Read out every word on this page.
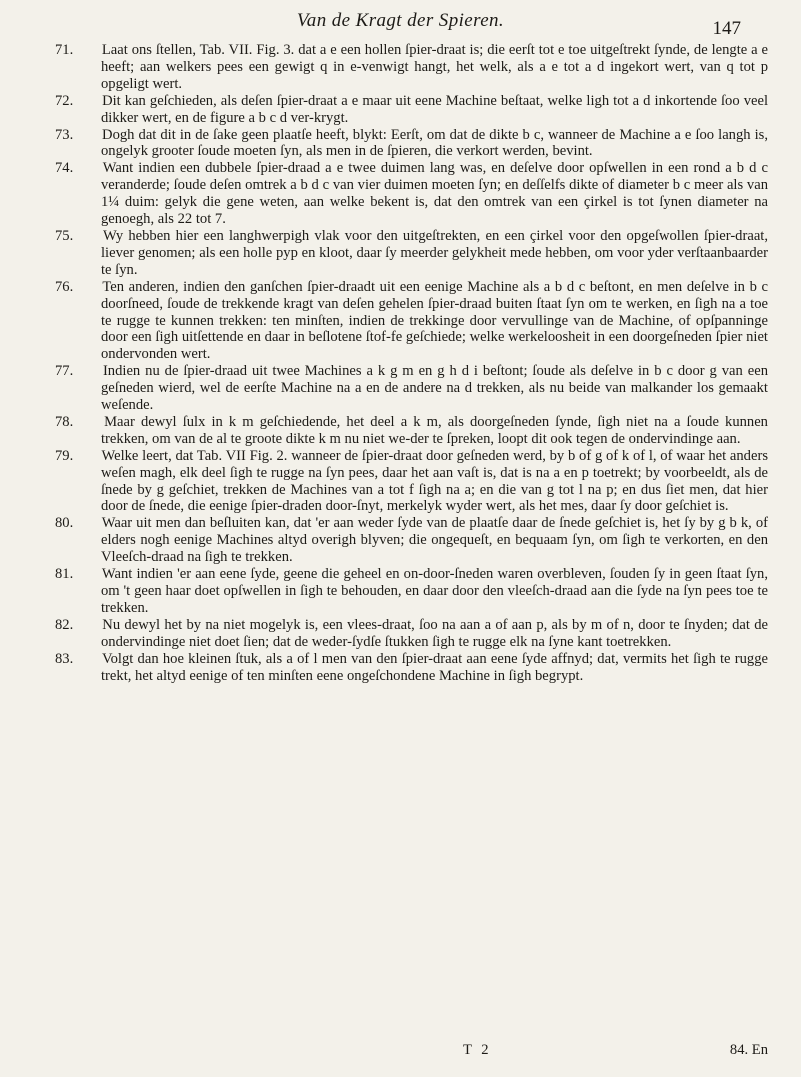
Van de Kragt der Spieren.	147

71. Laat ons ſtellen, Tab. VII. Fig. 3. dat a e een hollen ſpier-draat is; die eerſt tot e toe uitgeſtrekt ſynde, de lengte a e heeft; aan welkers pees een gewigt q in e-venwigt hangt, het welk, als a e tot a d ingekort wert, van q tot p opgeligt wert.

72. Dit kan geſchieden, als deſen ſpier-draat a e maar uit eene Machine beſtaat, welke ligh tot a d inkortende ſoo veel dikker wert, en de figure a b c d ver-krygt.

73. Dogh dat dit in de ſake geen plaatſe heeft, blykt: Eerſt, om dat de dikte b c, wanneer de Machine a e ſoo langh is, ongelyk grooter ſoude moeten ſyn, als men in de ſpieren, die verkort werden, bevint.

74. Want indien een dubbele ſpier-draad a e twee duimen lang was, en deſelve door opſwellen in een rond a b d c veranderde; ſoude deſen omtrek a b d c van vier duimen moeten ſyn; en deſſelfs dikte of diameter b c meer als van 1¼ duim: gelyk die gene weten, aan welke bekent is, dat den omtrek van een çirkel is tot ſynen diameter na genoegh, als 22 tot 7.

75. Wy hebben hier een langhwerpigh vlak voor den uitgeſtrekten, en een çirkel voor den opgeſwollen ſpier-draat, liever genomen; als een holle pyp en kloot, daar ſy meerder gelykheit mede hebben, om voor yder verſtaanbaarder te ſyn.

76. Ten anderen, indien den ganſchen ſpier-draadt uit een eenige Machine als a b d c beſtont, en men deſelve in b c doorſneed, ſoude de trekkende kragt van deſen gehelen ſpier-draad buiten ſtaat ſyn om te werken, en ſigh na a toe te rugge te kunnen trekken: ten minſten, indien de trekkinge door vervullinge van de Machine, of opſpanninge door een ſigh uitſettende en daar in beſlotene ſtof-fe geſchiede; welke werkeloosheit in een doorgeſneden ſpier niet ondervonden wert.

77. Indien nu de ſpier-draad uit twee Machines a k g m en g h d i beſtont; ſoude als deſelve in b c door g van een geſneden wierd, wel de eerſte Machine na a en de andere na d trekken, als nu beide van malkander los gemaakt weſende.

78. Maar dewyl ſulx in k m geſchiedende, het deel a k m, als doorgeſneden ſynde, ſigh niet na a ſoude kunnen trekken, om van de al te groote dikte k m nu niet we-der te ſpreken, loopt dit ook tegen de ondervindinge aan.

79. Welke leert, dat Tab. VII Fig. 2. wanneer de ſpier-draat door geſneden werd, by b of g of k of l, of waar het anders weſen magh, elk deel ſigh te rugge na ſyn pees, daar het aan vaſt is, dat is na a en p toetrekt; by voorbeeldt, als de ſnede by g geſchiet, trekken de Machines van a tot f ſigh na a; en die van g tot l na p; en dus ſiet men, dat hier door de ſnede, die eenige ſpier-draden door-ſnyt, merkelyk wyder wert, als het mes, daar ſy door geſchiet is.

80. Waar uit men dan beſluiten kan, dat 'er aan weder ſyde van de plaatſe daar de ſnede geſchiet is, het ſy by g b k, of elders nogh eenige Machines altyd overigh blyven; die ongequeſt, en bequaam ſyn, om ſigh te verkorten, en den Vleeſch-draad na ſigh te trekken.

81. Want indien 'er aan eene ſyde, geene die geheel en on-door-ſneden waren overbleven, ſouden ſy in geen ſtaat ſyn, om 't geen haar doet opſwellen in ſigh te behouden, en daar door den vleeſch-draad aan die ſyde na ſyn pees toe te trekken.

82. Nu dewyl het by na niet mogelyk is, een vlees-draat, ſoo na aan a of aan p, als by m of n, door te ſnyden; dat de ondervindinge niet doet ſien; dat de weder-ſydſe ſtukken ſigh te rugge elk na ſyne kant toetrekken.

83. Volgt dan hoe kleinen ſtuk, als a of l men van den ſpier-draat aan eene ſyde affnyd; dat, vermits het ſigh te rugge trekt, het altyd eenige of ten minſten eene ongeſchondene Machine in ſigh begrypt.

T 2	84. En
